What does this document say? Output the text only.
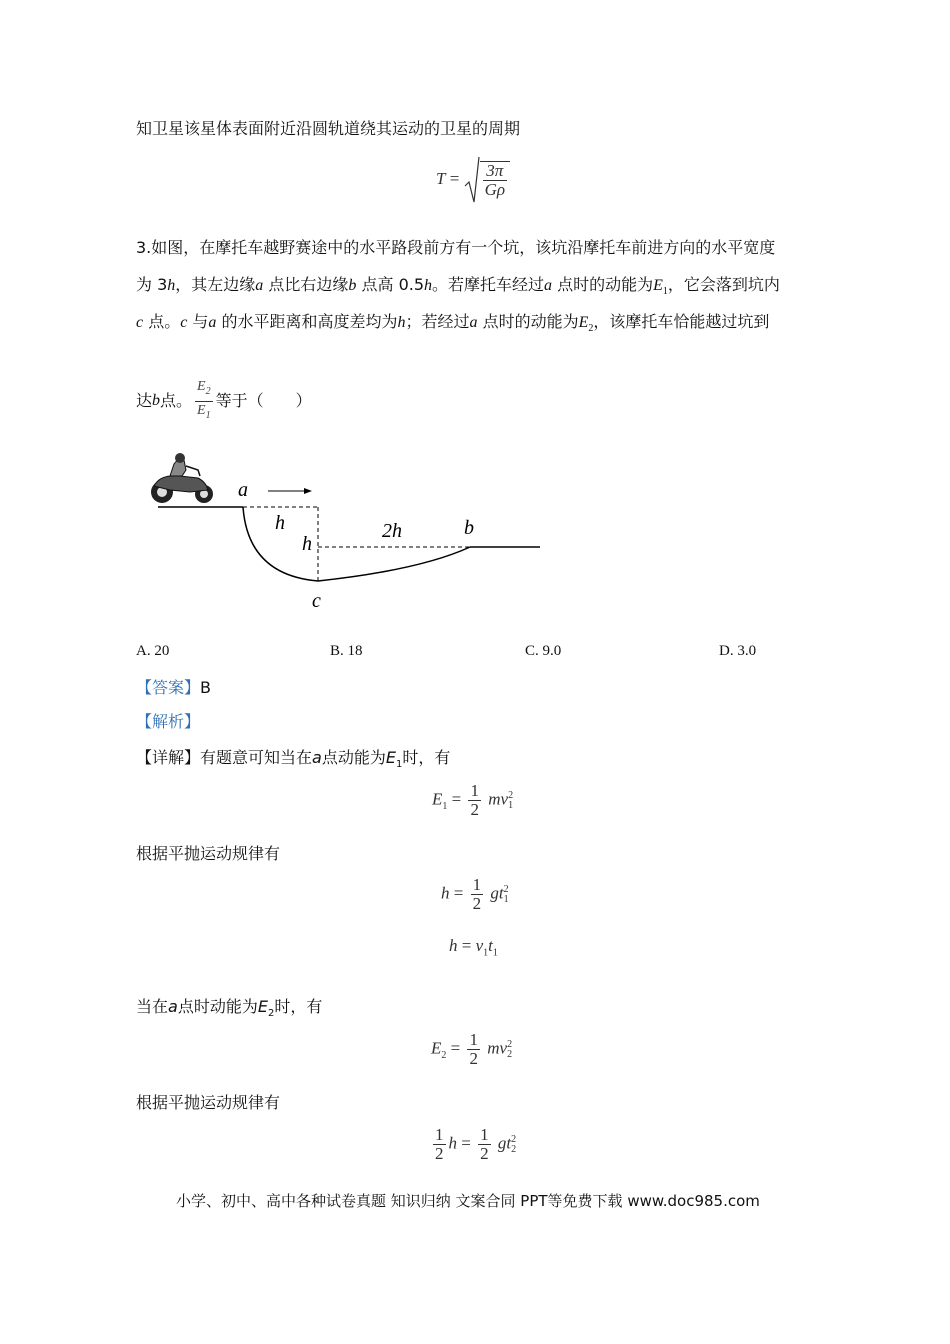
知卫星该星体表面附近沿圆轨道绕其运动的卫星的周期
$T = \frac{3\pi}{G\rho}$
3.如图，在摩托车越野赛途中的水平路段前方有一个坑，该坑沿摩托车前进方向的水平宽度
为 3h，其左边缘a 点比右边缘b 点高 0.5h。若摩托车经过a 点时的动能为$E_1$，它会落到坑内
c 点。c 与a 的水平距离和高度差均为h；若经过a 点时的动能为$E_2$，该摩托车恰能越过坑到
达 b 点。 $\frac{E_2}{E_1}$ 等于（　　）
a
h
h
2h	b
c
A. 20	B. 18	C. 9.0	D. 3.0
【答案】B
【解析】
【详解】有题意可知当在a点动能为$E_1$时，有
$E_1 = \frac{1}{2}$ mv 2
1
根据平抛运动规律有
$h = \frac{1}{2}$ gt 2
1
$h = v_1t_1$
当在a点时动能为$E_2$时，有
$E_2 = \frac{1}{2}$ mv 2
2
根据平抛运动规律有
$\frac{1}{2}$ $h = \frac{1}{2}$ gt 2
2
小学、初中、高中各种试卷真题 知识归纳 文案合同 PPT等免费下载 www.doc985.com
